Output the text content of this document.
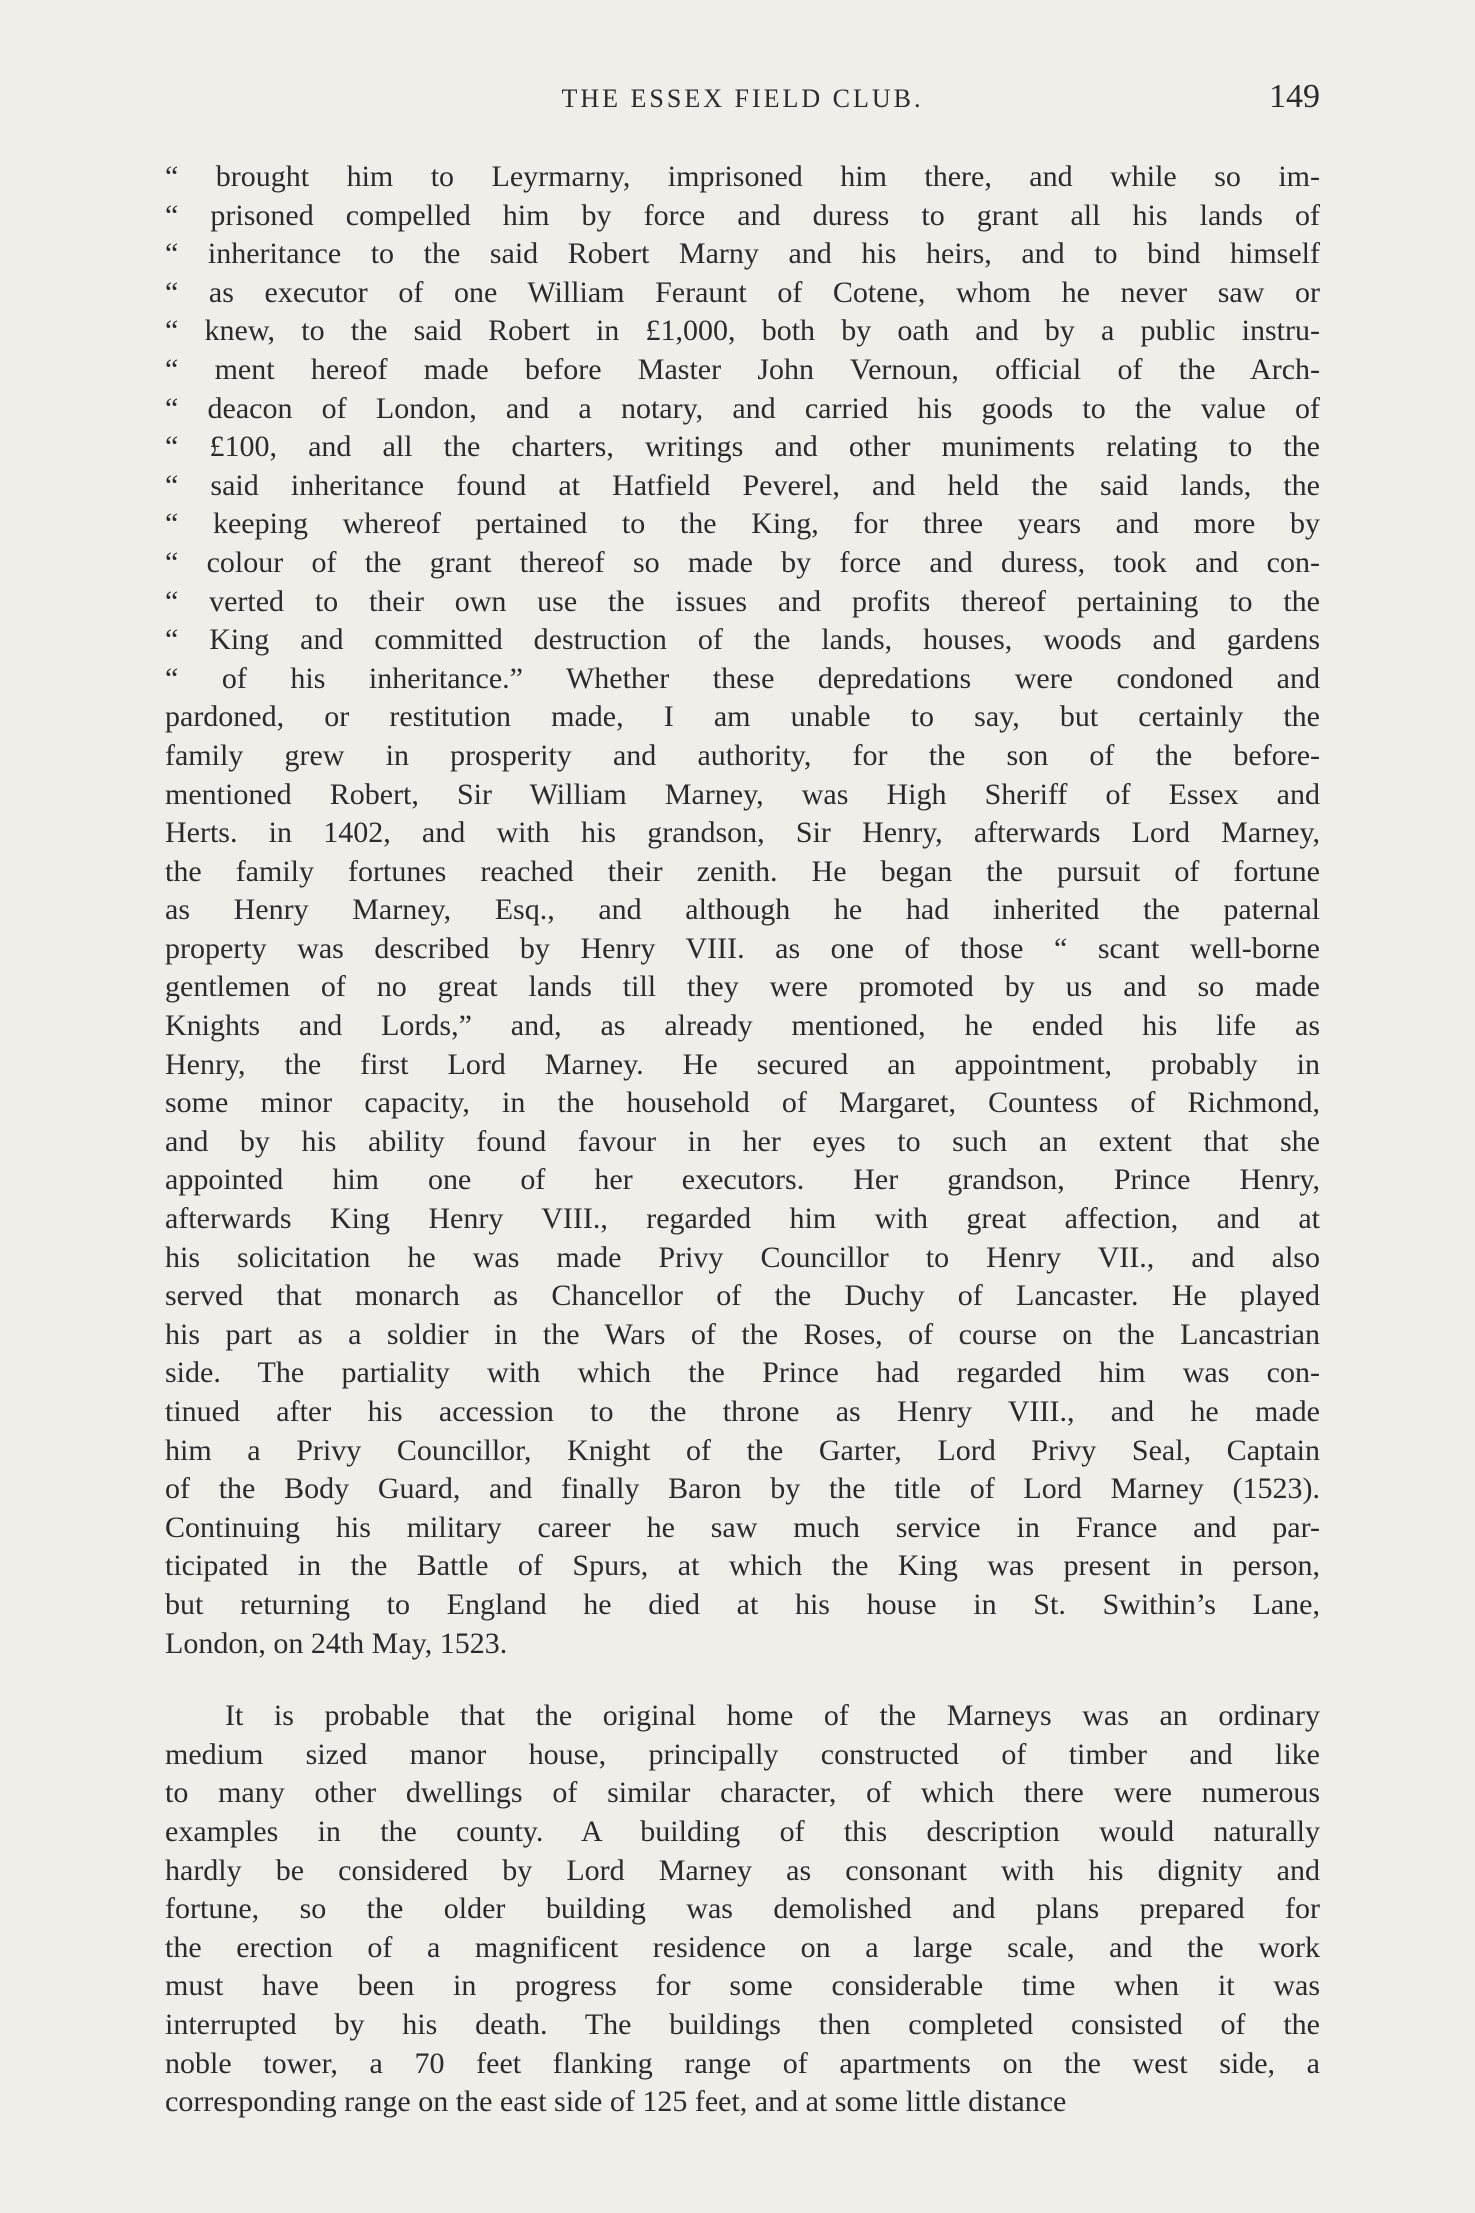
THE ESSEX FIELD CLUB.	149
“ brought him to Leyrmarny, imprisoned him there, and while so im-
“ prisoned compelled him by force and duress to grant all his lands of
“ inheritance to the said Robert Marny and his heirs, and to bind himself
“ as executor of one William Feraunt of Cotene, whom he never saw or
“ knew, to the said Robert in £1,000, both by oath and by a public instru-
“ ment hereof made before Master John Vernoun, official of the Arch-
“ deacon of London, and a notary, and carried his goods to the value of
“ £100, and all the charters, writings and other muniments relating to the
“ said inheritance found at Hatfield Peverel, and held the said lands, the
“ keeping whereof pertained to the King, for three years and more by
“ colour of the grant thereof so made by force and duress, took and con-
“ verted to their own use the issues and profits thereof pertaining to the
“ King and committed destruction of the lands, houses, woods and gardens
“ of his inheritance.” Whether these depredations were condoned and
pardoned, or restitution made, I am unable to say, but certainly the
family grew in prosperity and authority, for the son of the before-
mentioned Robert, Sir William Marney, was High Sheriff of Essex and
Herts. in 1402, and with his grandson, Sir Henry, afterwards Lord Marney,
the family fortunes reached their zenith. He began the pursuit of fortune
as Henry Marney, Esq., and although he had inherited the paternal
property was described by Henry VIII. as one of those “ scant well-borne
gentlemen of no great lands till they were promoted by us and so made
Knights and Lords,” and, as already mentioned, he ended his life as
Henry, the first Lord Marney. He secured an appointment, probably in
some minor capacity, in the household of Margaret, Countess of Richmond,
and by his ability found favour in her eyes to such an extent that she
appointed him one of her executors. Her grandson, Prince Henry,
afterwards King Henry VIII., regarded him with great affection, and at
his solicitation he was made Privy Councillor to Henry VII., and also
served that monarch as Chancellor of the Duchy of Lancaster. He played
his part as a soldier in the Wars of the Roses, of course on the Lancastrian
side. The partiality with which the Prince had regarded him was con-
tinued after his accession to the throne as Henry VIII., and he made
him a Privy Councillor, Knight of the Garter, Lord Privy Seal, Captain
of the Body Guard, and finally Baron by the title of Lord Marney (1523).
Continuing his military career he saw much service in France and par-
ticipated in the Battle of Spurs, at which the King was present in person,
but returning to England he died at his house in St. Swithin’s Lane,
London, on 24th May, 1523.
It is probable that the original home of the Marneys was an ordinary
medium sized manor house, principally constructed of timber and like
to many other dwellings of similar character, of which there were numerous
examples in the county. A building of this description would naturally
hardly be considered by Lord Marney as consonant with his dignity and
fortune, so the older building was demolished and plans prepared for
the erection of a magnificent residence on a large scale, and the work
must have been in progress for some considerable time when it was
interrupted by his death. The buildings then completed consisted of the
noble tower, a 70 feet flanking range of apartments on the west side, a
corresponding range on the east side of 125 feet, and at some little distance
